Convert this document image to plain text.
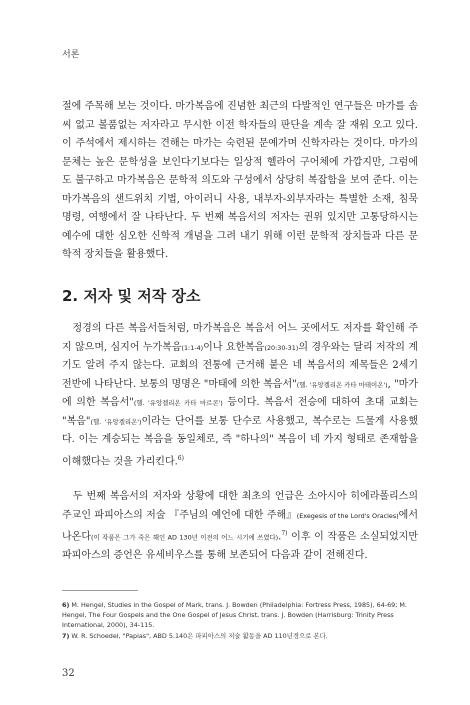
서론

절에 주목해 보는 것이다. 마가복음에 진념한 최근의 다발적인 연구들은 마가를 솜씨 없고 볼품없는 저자라고 무시한 이전 학자들의 판단을 계속 잘 재워 오고 있다. 이 주석에서 제시하는 견해는 마가는 숙련된 문예가며 신학자라는 것이다. 마가의 문체는 높은 문학성을 보인다기보다는 일상적 헬라어 구어체에 가깝지만, 그럼에도 불구하고 마가복음은 문학적 의도와 구성에서 상당히 복잡함을 보여 준다. 이는 마가복음의 샌드위치 기법, 아이러니 사용, 내부자-외부자라는 특별한 소재, 침묵 명령, 여행에서 잘 나타난다. 두 번째 복음서의 저자는 권위 있지만 고통당하시는 예수에 대한 심오한 신학적 개념을 그려 내기 위해 이런 문학적 장치들과 다른 문학적 장치들을 활용했다.

2. 저자 및 저작 장소

　정경의 다른 복음서들처럼, 마가복음은 복음서 어느 곳에서도 저자를 확인해 주지 않으며, 심지어 누가복음(1:1-4)이나 요한복음(20:30-31)의 경우와는 달리 저작의 계기도 알려 주지 않는다. 교회의 전통에 근거해 붙은 네 복음서의 제목들은 2세기 전반에 나타난다. 보통의 명명은 "마태에 의한 복음서"(헬. '유앙겔리온 카타 마테이온'), "마가에 의한 복음서"(헬. '유앙겔리온 카타 마르콘') 등이다. 복음서 전승에 대하여 초대 교회는 "복음"(헬. '유앙겔리온')이라는 단어를 보통 단수로 사용했고, 복수로는 드물게 사용했다. 이는 계승되는 복음을 동일체로, 즉 "하나의" 복음이 네 가지 형태로 존재함을 이해했다는 것을 가리킨다.$^{6)}$

　두 번째 복음서의 저자와 상황에 대한 최초의 언급은 소아시아 히에라폴리스의 주교인 파피아스의 저술 『주님의 예언에 대한 주해』(Exegesis of the Lord's Oracles)에서 나온다(이 작품은 그가 죽은 해인 AD 130년 이전의 어느 시기에 쓰였다).$^{7)}$ 이후 이 작품은 소실되었지만 파피아스의 증언은 유세비우스를 통해 보존되어 다음과 같이 전해진다.

6) M. Hengel, Studies in the Gospel of Mark, trans. J. Bowden (Philadelphia: Fortress Press, 1985), 64-69; M. Hengel, The Four Gospels and the One Gospel of Jesus Christ, trans. J. Bowden (Harrisburg: Trinity Press International, 2000), 34-115.

7) W. R. Schoedel, "Papias", ABD 5.140은 파피아스의 저술 활동을 AD 110년경으로 본다.

32
